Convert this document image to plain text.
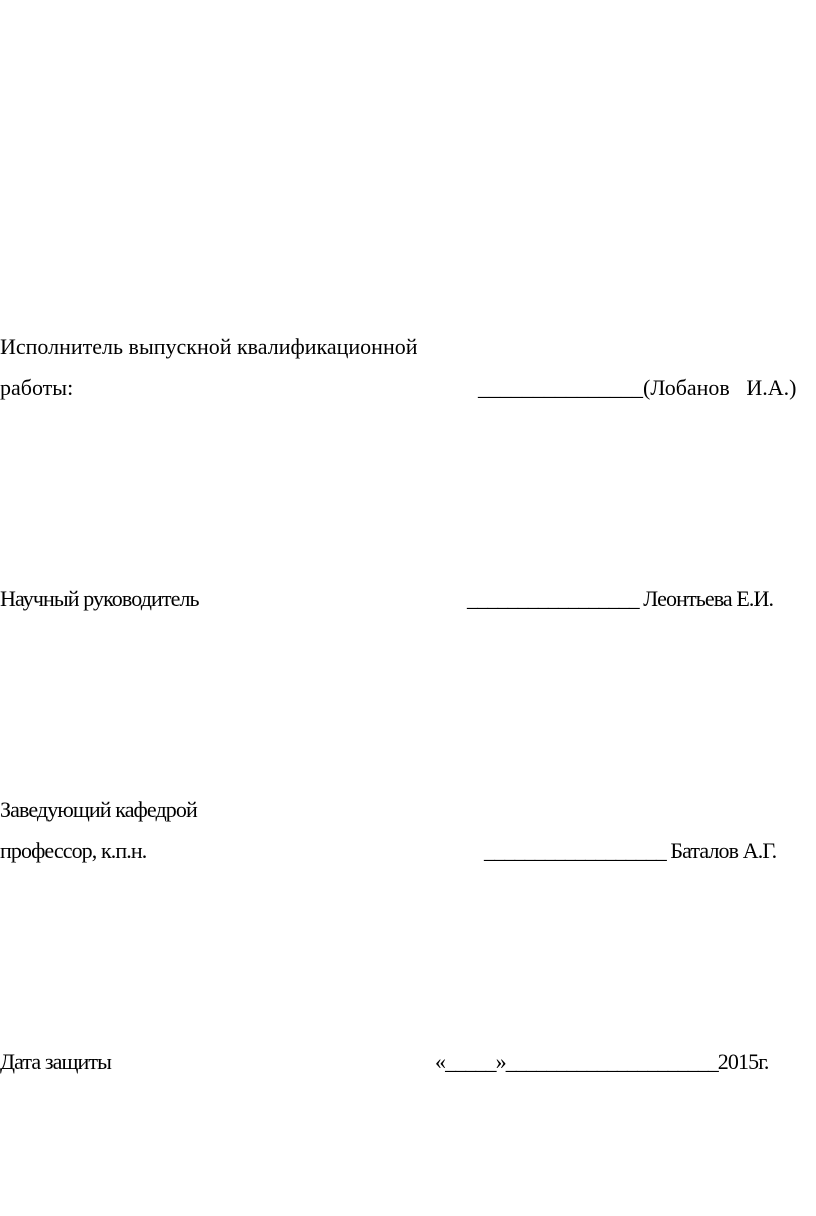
Исполнитель выпускной квалификационной
работы:	_______________(Лобанов   И.А.)
Научный руководитель	_________________ Леонтьева Е.И.
Заведующий кафедрой
профессор, к.п.н.	__________________ Баталов А.Г.
Дата защиты	«_____»_____________________2015г.
